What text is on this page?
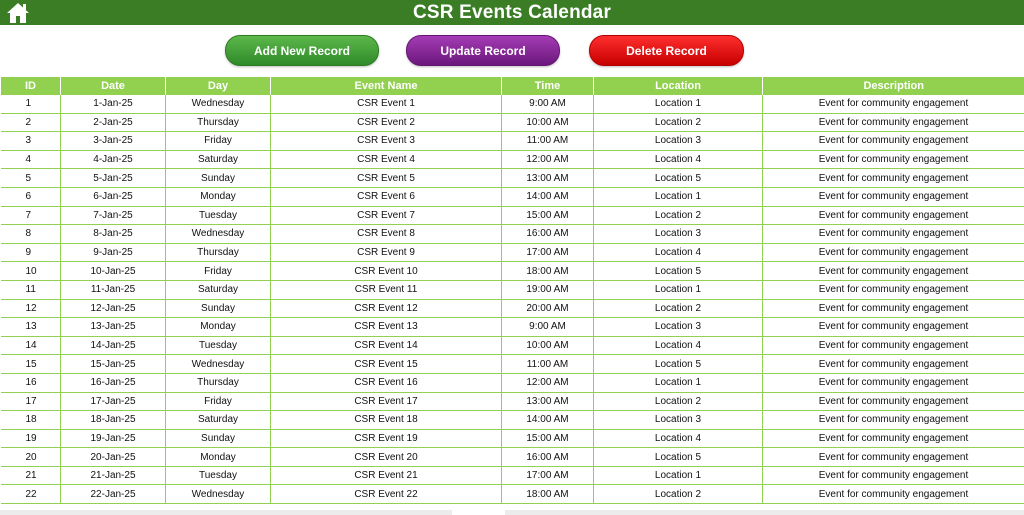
CSR Events Calendar
Add New Record	Update Record	Delete Record
ID	Date	Day	Event Name	Time	Location	Description
1	1-Jan-25	Wednesday	CSR Event 1	9:00 AM	Location 1	Event for community engagement
2	2-Jan-25	Thursday	CSR Event 2	10:00 AM	Location 2	Event for community engagement
3	3-Jan-25	Friday	CSR Event 3	11:00 AM	Location 3	Event for community engagement
4	4-Jan-25	Saturday	CSR Event 4	12:00 AM	Location 4	Event for community engagement
5	5-Jan-25	Sunday	CSR Event 5	13:00 AM	Location 5	Event for community engagement
6	6-Jan-25	Monday	CSR Event 6	14:00 AM	Location 1	Event for community engagement
7	7-Jan-25	Tuesday	CSR Event 7	15:00 AM	Location 2	Event for community engagement
8	8-Jan-25	Wednesday	CSR Event 8	16:00 AM	Location 3	Event for community engagement
9	9-Jan-25	Thursday	CSR Event 9	17:00 AM	Location 4	Event for community engagement
10	10-Jan-25	Friday	CSR Event 10	18:00 AM	Location 5	Event for community engagement
11	11-Jan-25	Saturday	CSR Event 11	19:00 AM	Location 1	Event for community engagement
12	12-Jan-25	Sunday	CSR Event 12	20:00 AM	Location 2	Event for community engagement
13	13-Jan-25	Monday	CSR Event 13	9:00 AM	Location 3	Event for community engagement
14	14-Jan-25	Tuesday	CSR Event 14	10:00 AM	Location 4	Event for community engagement
15	15-Jan-25	Wednesday	CSR Event 15	11:00 AM	Location 5	Event for community engagement
16	16-Jan-25	Thursday	CSR Event 16	12:00 AM	Location 1	Event for community engagement
17	17-Jan-25	Friday	CSR Event 17	13:00 AM	Location 2	Event for community engagement
18	18-Jan-25	Saturday	CSR Event 18	14:00 AM	Location 3	Event for community engagement
19	19-Jan-25	Sunday	CSR Event 19	15:00 AM	Location 4	Event for community engagement
20	20-Jan-25	Monday	CSR Event 20	16:00 AM	Location 5	Event for community engagement
21	21-Jan-25	Tuesday	CSR Event 21	17:00 AM	Location 1	Event for community engagement
22	22-Jan-25	Wednesday	CSR Event 22	18:00 AM	Location 2	Event for community engagement
